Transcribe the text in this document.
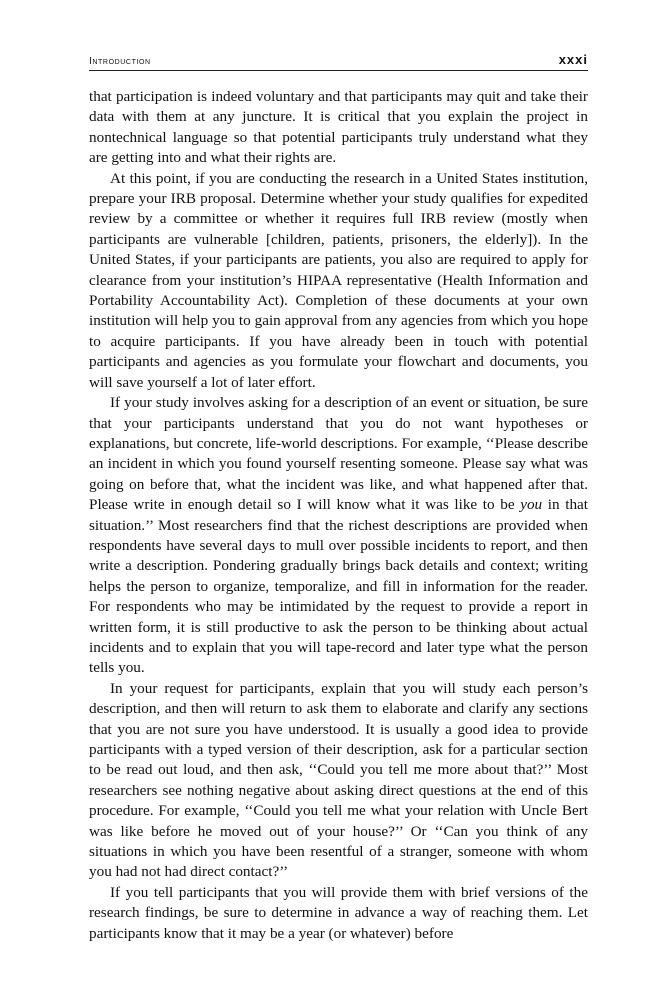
Introduction	xxxi

that participation is indeed voluntary and that participants may quit and take their data with them at any juncture. It is critical that you explain the project in nontechnical language so that potential participants truly understand what they are getting into and what their rights are.

At this point, if you are conducting the research in a United States institution, prepare your IRB proposal. Determine whether your study qualifies for expedited review by a committee or whether it requires full IRB review (mostly when participants are vulnerable [children, patients, prisoners, the elderly]). In the United States, if your participants are patients, you also are required to apply for clearance from your institution’s HIPAA representative (Health Information and Portability Accountability Act). Completion of these documents at your own institution will help you to gain approval from any agencies from which you hope to acquire participants. If you have already been in touch with potential participants and agencies as you formulate your flowchart and documents, you will save yourself a lot of later effort.

If your study involves asking for a description of an event or situation, be sure that your participants understand that you do not want hypotheses or explanations, but concrete, life-world descriptions. For example, ‘‘Please describe an incident in which you found yourself resenting someone. Please say what was going on before that, what the incident was like, and what happened after that. Please write in enough detail so I will know what it was like to be you in that situation.’’ Most researchers find that the richest descriptions are provided when respondents have several days to mull over possible incidents to report, and then write a description. Pondering gradually brings back details and context; writing helps the person to organize, temporalize, and fill in information for the reader. For respondents who may be intimidated by the request to provide a report in written form, it is still productive to ask the person to be thinking about actual incidents and to explain that you will tape-record and later type what the person tells you.

In your request for participants, explain that you will study each person’s description, and then will return to ask them to elaborate and clarify any sections that you are not sure you have understood. It is usually a good idea to provide participants with a typed version of their description, ask for a particular section to be read out loud, and then ask, ‘‘Could you tell me more about that?’’ Most researchers see nothing negative about asking direct questions at the end of this procedure. For example, ‘‘Could you tell me what your relation with Uncle Bert was like before he moved out of your house?’’ Or ‘‘Can you think of any situations in which you have been resentful of a stranger, someone with whom you had not had direct contact?’’

If you tell participants that you will provide them with brief versions of the research findings, be sure to determine in advance a way of reaching them. Let participants know that it may be a year (or whatever) before
